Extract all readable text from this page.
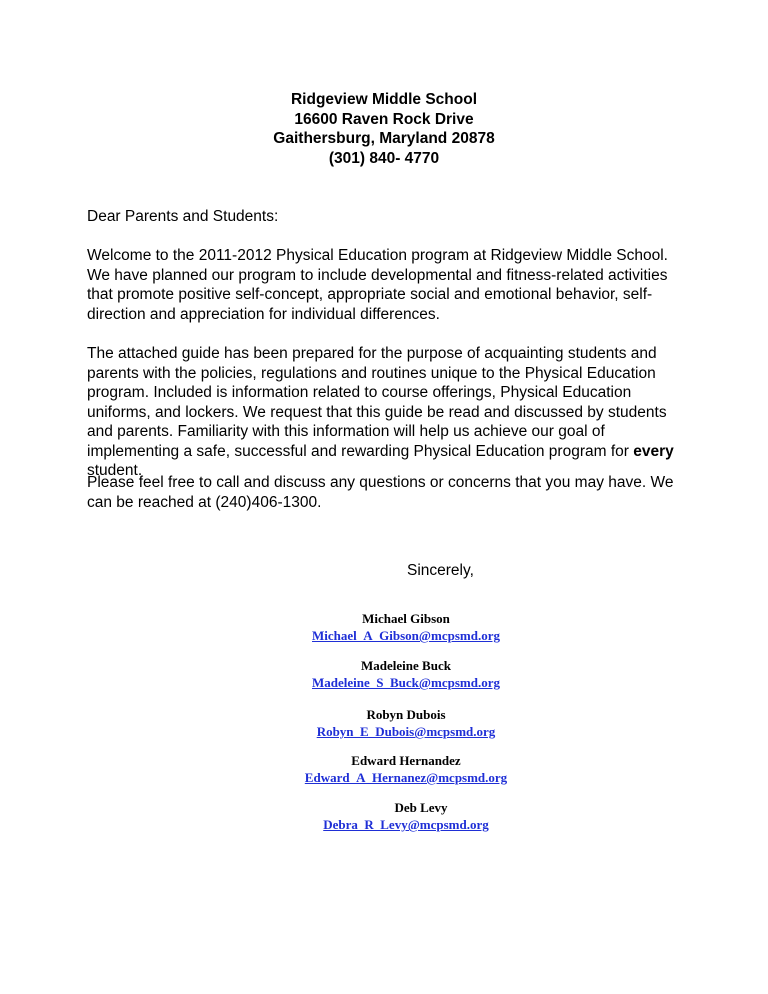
Ridgeview Middle School
16600 Raven Rock Drive
Gaithersburg, Maryland 20878
(301) 840- 4770
Dear Parents and Students:
Welcome to the 2011-2012 Physical Education program at Ridgeview Middle School. We have planned our program to include developmental and fitness-related activities that promote positive self-concept, appropriate social and emotional behavior, self-direction and appreciation for individual differences.
The attached guide has been prepared for the purpose of acquainting students and parents with the policies, regulations and routines unique to the Physical Education program. Included is information related to course offerings, Physical Education uniforms, and lockers. We request that this guide be read and discussed by students and parents. Familiarity with this information will help us achieve our goal of implementing a safe, successful and rewarding Physical Education program for every student.
Please feel free to call and discuss any questions or concerns that you may have. We can be reached at (240)406-1300.
Sincerely,
Michael Gibson
Michael_A_Gibson@mcpsmd.org
Madeleine Buck
Madeleine_S_Buck@mcpsmd.org
Robyn Dubois
Robyn_E_Dubois@mcpsmd.org
Edward Hernandez
Edward_A_Hernanez@mcpsmd.org
Deb Levy
Debra_R_Levy@mcpsmd.org
